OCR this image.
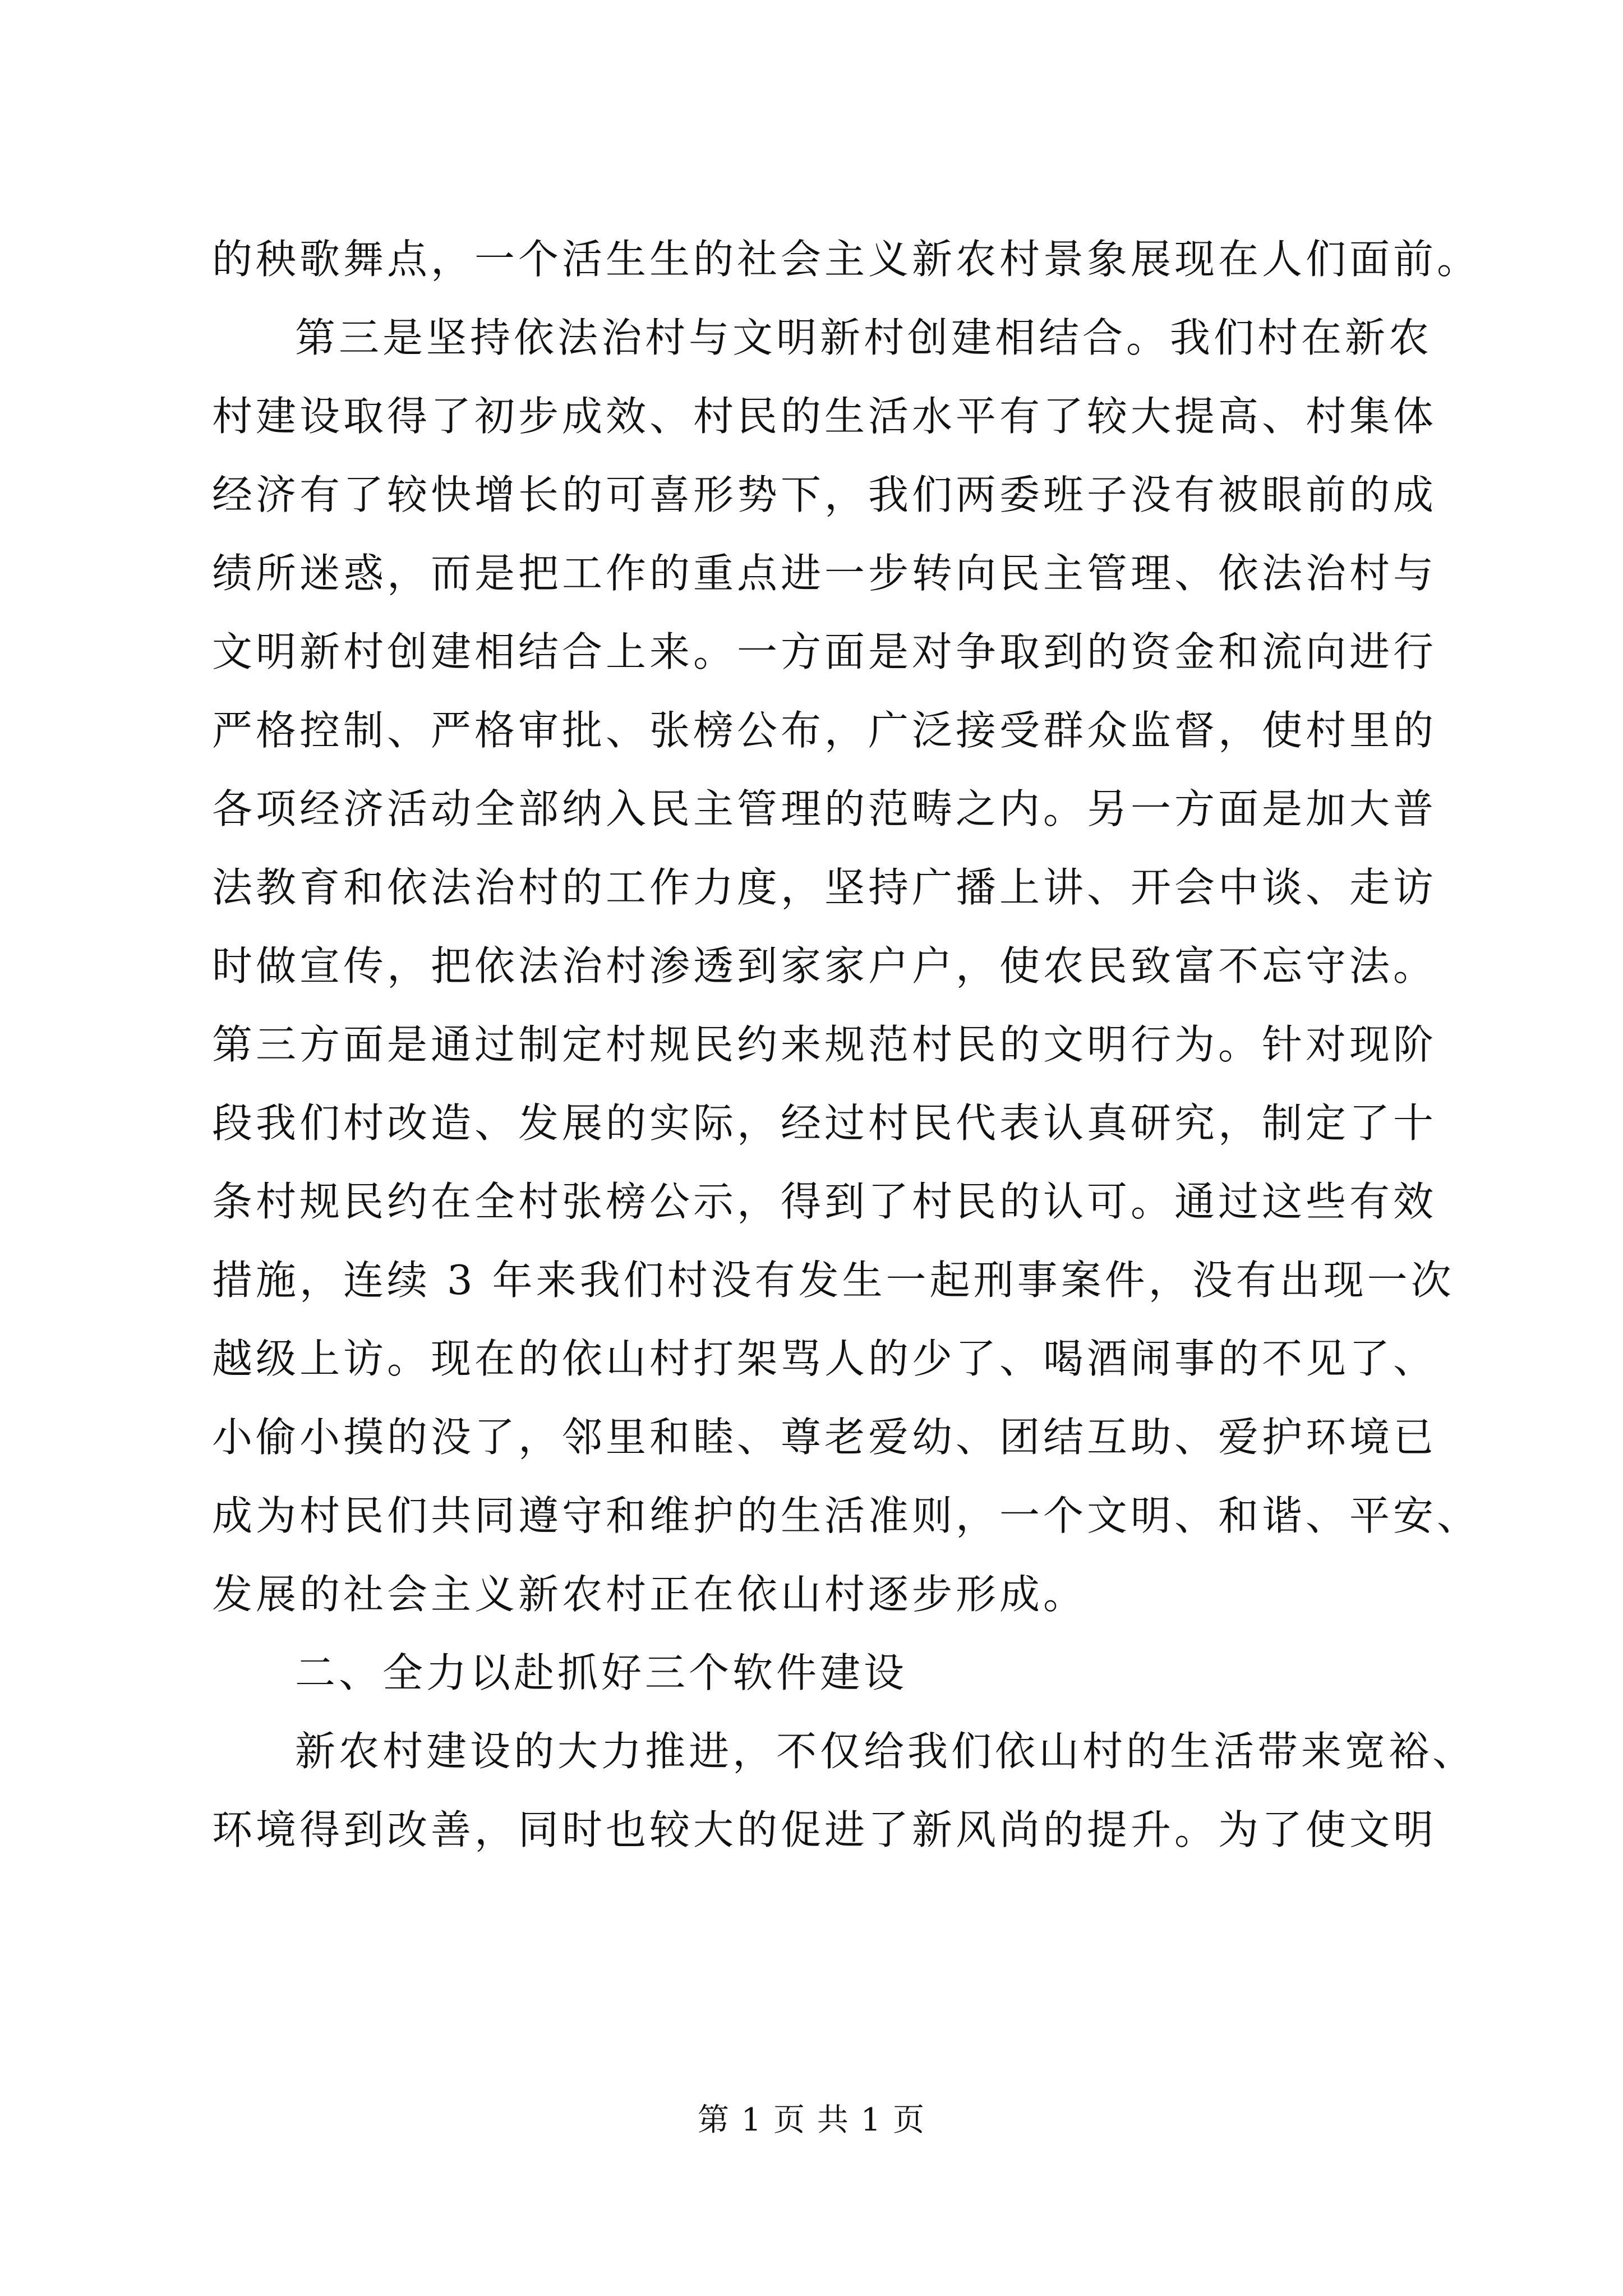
的秧歌舞点，一个活生生的社会主义新农村景象展现在人们面前。
第三是坚持依法治村与文明新村创建相结合。我们村在新农
村建设取得了初步成效、村民的生活水平有了较大提高、村集体
经济有了较快增长的可喜形势下，我们两委班子没有被眼前的成
绩所迷惑，而是把工作的重点进一步转向民主管理、依法治村与
文明新村创建相结合上来。一方面是对争取到的资金和流向进行
严格控制、严格审批、张榜公布，广泛接受群众监督，使村里的
各项经济活动全部纳入民主管理的范畴之内。另一方面是加大普
法教育和依法治村的工作力度，坚持广播上讲、开会中谈、走访
时做宣传，把依法治村渗透到家家户户，使农民致富不忘守法。
第三方面是通过制定村规民约来规范村民的文明行为。针对现阶
段我们村改造、发展的实际，经过村民代表认真研究，制定了十
条村规民约在全村张榜公示，得到了村民的认可。通过这些有效
措施，连续 3 年来我们村没有发生一起刑事案件，没有出现一次
越级上访。现在的依山村打架骂人的少了、喝酒闹事的不见了、
小偷小摸的没了，邻里和睦、尊老爱幼、团结互助、爱护环境已
成为村民们共同遵守和维护的生活准则，一个文明、和谐、平安、
发展的社会主义新农村正在依山村逐步形成。
二、全力以赴抓好三个软件建设
新农村建设的大力推进，不仅给我们依山村的生活带来宽裕、
环境得到改善，同时也较大的促进了新风尚的提升。为了使文明
第 1 页 共 1 页
